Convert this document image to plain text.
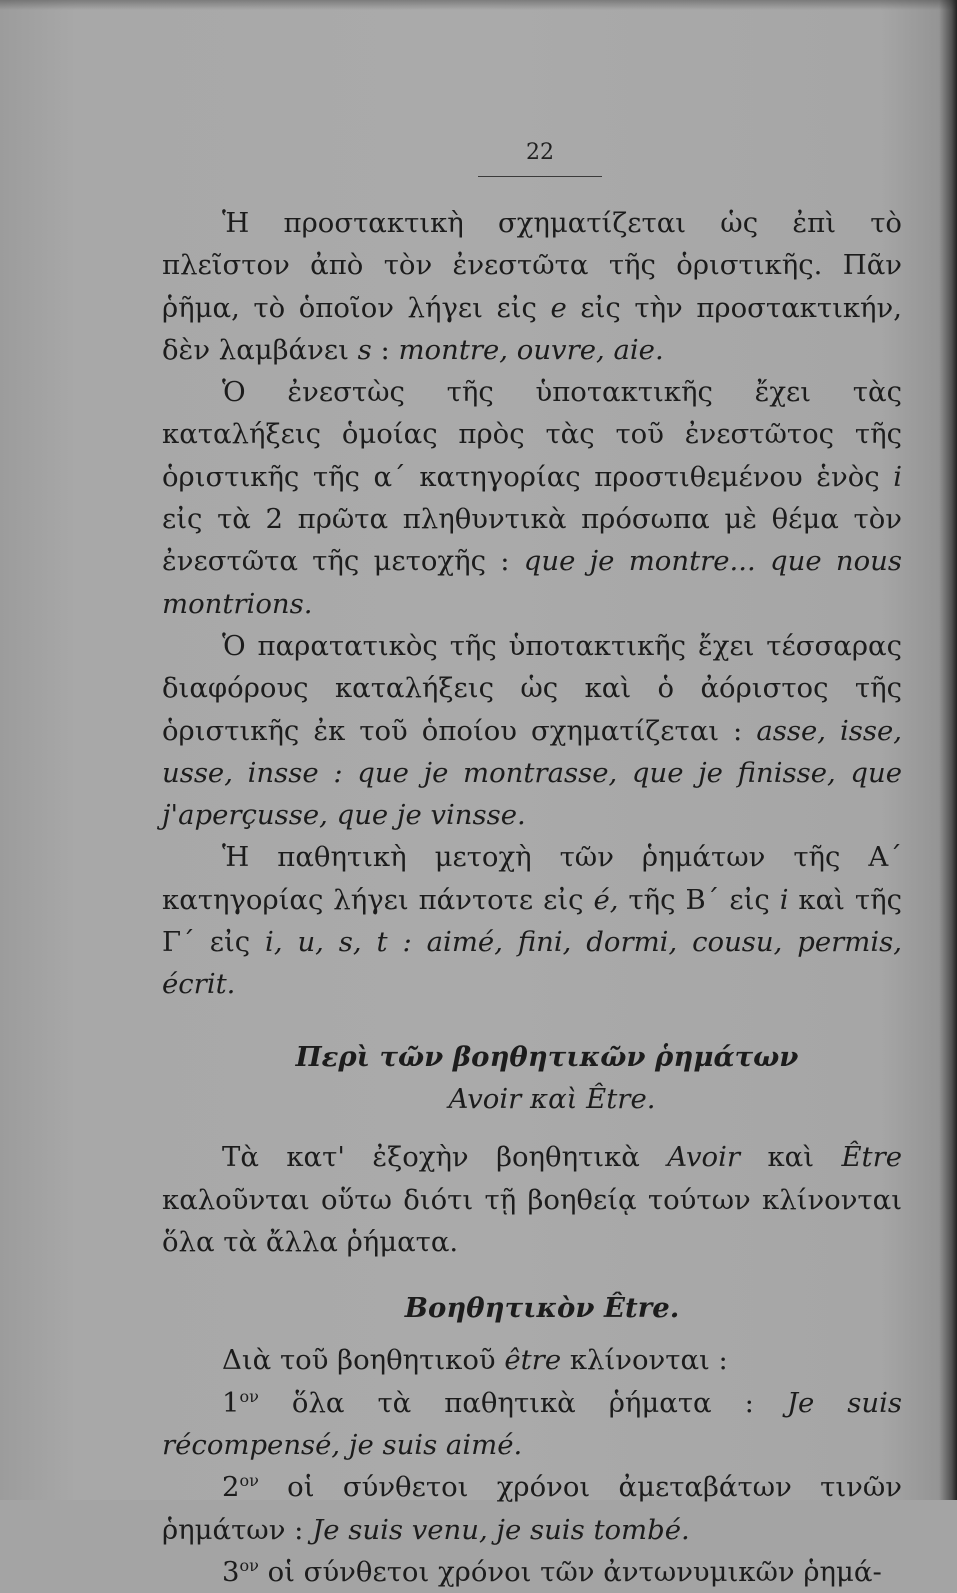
22

Ἡ προστακτικὴ σχηματίζεται ὡς ἐπὶ τὸ πλεῖστον ἀπὸ τὸν ἐνεστῶτα τῆς ὁριστικῆς. Πᾶν ῥῆμα, τὸ ὁποῖον λήγει εἰς e εἰς τὴν προστακτικήν, δὲν λαμβάνει s : montre, ouvre, aie.

Ὁ ἐνεστὼς τῆς ὑποτακτικῆς ἔχει τὰς καταλήξεις ὁμοίας πρὸς τὰς τοῦ ἐνεστῶτος τῆς ὁριστικῆς τῆς α΄ κατηγορίας προστιθεμένου ἑνὸς i εἰς τὰ 2 πρῶτα πληθυντικὰ πρόσωπα μὲ θέμα τὸν ἐνεστῶτα τῆς μετοχῆς : que je montre... que nous montrions.

Ὁ παρατατικὸς τῆς ὑποτακτικῆς ἔχει τέσσαρας διαφόρους καταλήξεις ὡς καὶ ὁ ἀόριστος τῆς ὁριστικῆς ἐκ τοῦ ὁποίου σχηματίζεται : asse, isse, usse, insse : que je montrasse, que je finisse, que j'aperçusse, que je vinsse.

Ἡ παθητικὴ μετοχὴ τῶν ῥημάτων τῆς Α΄ κατηγορίας λήγει πάντοτε εἰς é, τῆς Β΄ εἰς i καὶ τῆς Γ΄ εἰς i, u, s, t : aimé, fini, dormi, cousu, permis, écrit.

Περὶ τῶν βοηθητικῶν ῥημάτων
Avoir καὶ Être.

Τὰ κατ' ἐξοχὴν βοηθητικὰ Avoir καὶ Être καλοῦνται οὕτω διότι τῇ βοηθείᾳ τούτων κλίνονται ὅλα τὰ ἄλλα ῥήματα.

Βοηθητικὸν Être.

Διὰ τοῦ βοηθητικοῦ être κλίνονται :

$1^{o\nu}$ ὅλα τὰ παθητικὰ ῥήματα : Je suis récompensé, je suis aimé.

$2^{o\nu}$ οἱ σύνθετοι χρόνοι ἀμεταβάτων τινῶν ῥημάτων : Je suis venu, je suis tombé.

$3^{o\nu}$ οἱ σύνθετοι χρόνοι τῶν ἀντωνυμικῶν ῥημά-
